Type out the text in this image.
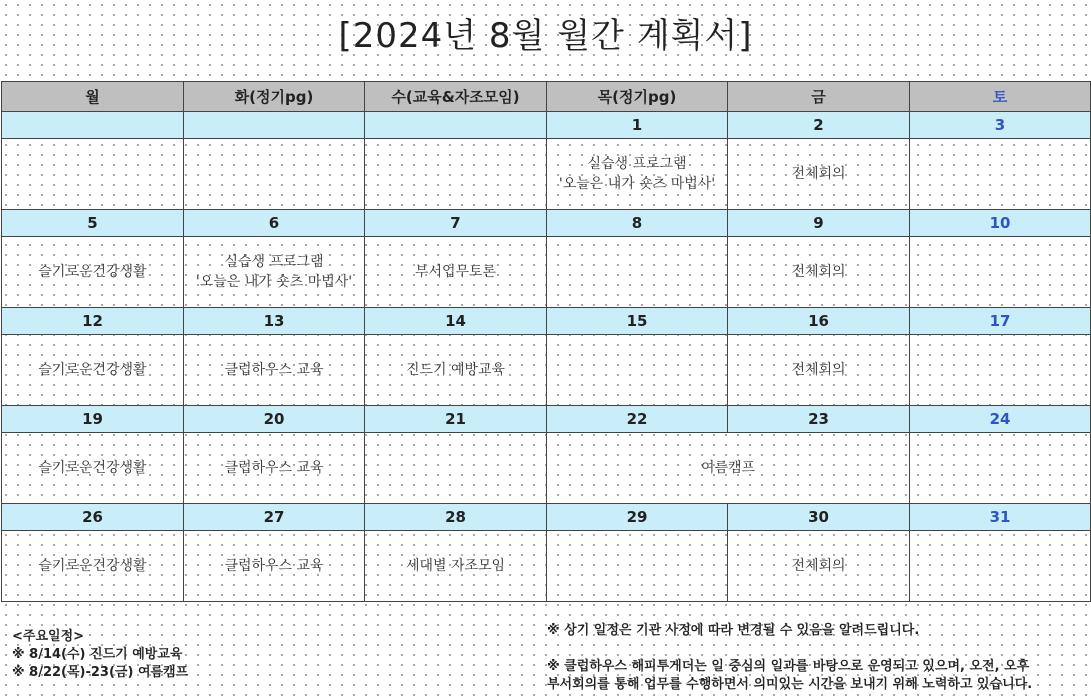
[2024년 8월 월간 계획서]
월	화(정기pg)	수(교육&자조모임)	목(정기pg)	금	토
			1	2	3
			실습생 프로그램
'오늘은 내가 숏츠 마법사'	전체회의	
5	6	7	8	9	10
슬기로운건강생활	실습생 프로그램
'오늘은 내가 숏츠 마법사'	부서업무토론		전체회의	
12	13	14	15	16	17
슬기로운건강생활	클럽하우스 교육	진드기 예방교육		전체회의	
19	20	21	22	23	24
슬기로운건강생활	클럽하우스 교육		여름캠프		
26	27	28	29	30	31
슬기로운건강생활	클럽하우스 교육	세대별 자조모임		전체회의	
<주요일정>
※ 8/14(수) 진드기 예방교육
※ 8/22(목)-23(금) 여름캠프
※ 상기 일정은 기관 사정에 따라 변경될 수 있음을 알려드립니다.
※ 클럽하우스 해피투게더는 일 중심의 일과를 바탕으로 운영되고 있으며, 오전, 오후
부서회의를 통해 업무를 수행하면서 의미있는 시간을 보내기 위해 노력하고 있습니다.
